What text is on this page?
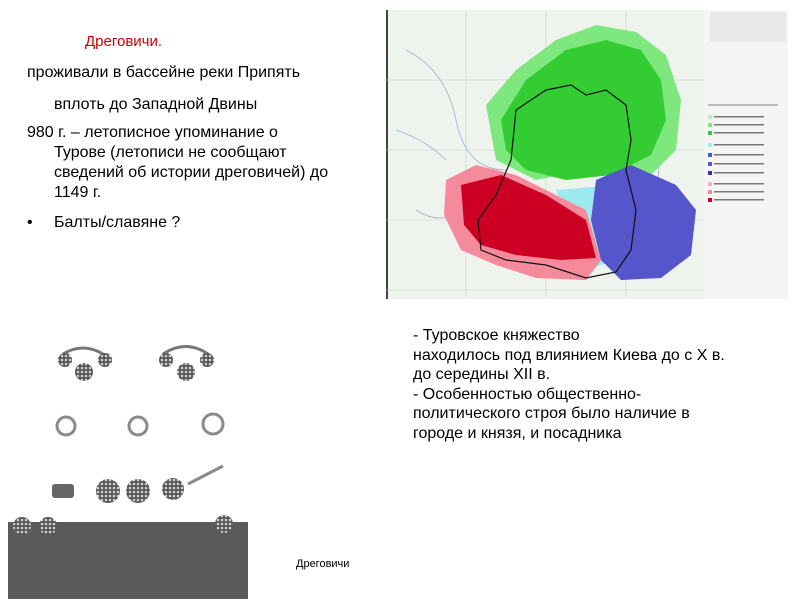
Дреговичи.
проживали в бассейне реки Припять
вплоть до Западной Двины
980 г. – летописное упоминание о
Турове (летописи не сообщают
сведений об истории дреговичей) до
1149 г.
• Балты/славяне ?
- Туровское княжество
находилось под влиянием Киева до с X в.
до середины XII в.
- Особенностью общественно-
политического строя было наличие в
городе и князя, и посадника
Дреговичи
